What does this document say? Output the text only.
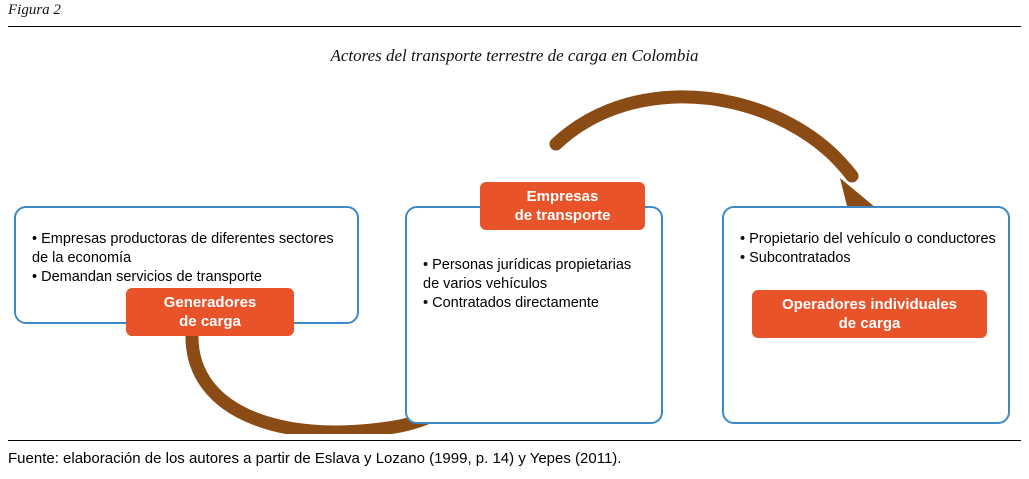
Figura 2
Actores del transporte terrestre de carga en Colombia
• Empresas productoras de diferentes sectores de la economía
• Demandan servicios de transporte
• Personas jurídicas propietarias de varios vehículos
• Contratados directamente
• Propietario del vehículo o conductores
• Subcontratados
Generadores
de carga
Empresas
de transporte
Operadores individuales
de carga
Fuente: elaboración de los autores a partir de Eslava y Lozano (1999, p. 14) y Yepes (2011).
